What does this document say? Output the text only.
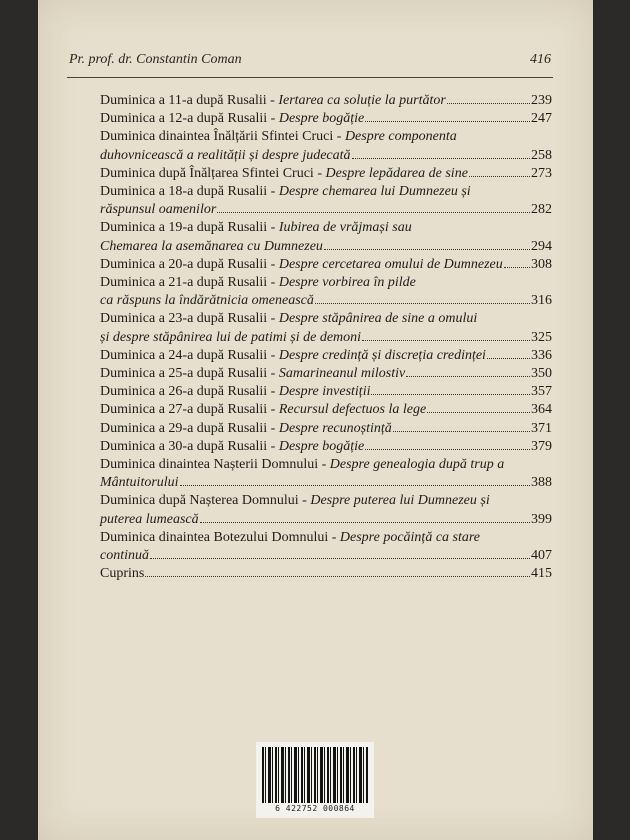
Pr. prof. dr. Constantin Coman	416
Duminica a 11-a după Rusalii - Iertarea ca soluție la purtător	239
Duminica a 12-a după Rusalii - Despre bogăție	247
Duminica dinaintea Înălțării Sfintei Cruci - Despre componenta
duhovnicească a realității și despre judecată	258
Duminica după Înălțarea Sfintei Cruci - Despre lepădarea de sine	273
Duminica a 18-a după Rusalii - Despre chemarea lui Dumnezeu și
răspunsul oamenilor	282
Duminica a 19-a după Rusalii - Iubirea de vrăjmași sau
Chemarea la asemănarea cu Dumnezeu	294
Duminica a 20-a după Rusalii - Despre cercetarea omului de Dumnezeu 308
Duminica a 21-a după Rusalii - Despre vorbirea în pilde
ca răspuns la îndărătnicia omenească	316
Duminica a 23-a după Rusalii - Despre stăpânirea de sine a omului
și despre stăpânirea lui de patimi și de demoni	325
Duminica a 24-a după Rusalii - Despre credință și discreția credinței	336
Duminica a 25-a după Rusalii - Samarineanul milostiv	350
Duminica a 26-a după Rusalii - Despre investiții	357
Duminica a 27-a după Rusalii - Recursul defectuos la lege	364
Duminica a 29-a după Rusalii - Despre recunoștință	371
Duminica a 30-a după Rusalii - Despre bogăție	379
Duminica dinaintea Nașterii Domnului - Despre genealogia după trup a
Mântuitorului	388
Duminica după Nașterea Domnului - Despre puterea lui Dumnezeu și
puterea lumească	399
Duminica dinaintea Botezului Domnului - Despre pocăință ca stare
continuă	407
Cuprins	415
6 422752 000864
